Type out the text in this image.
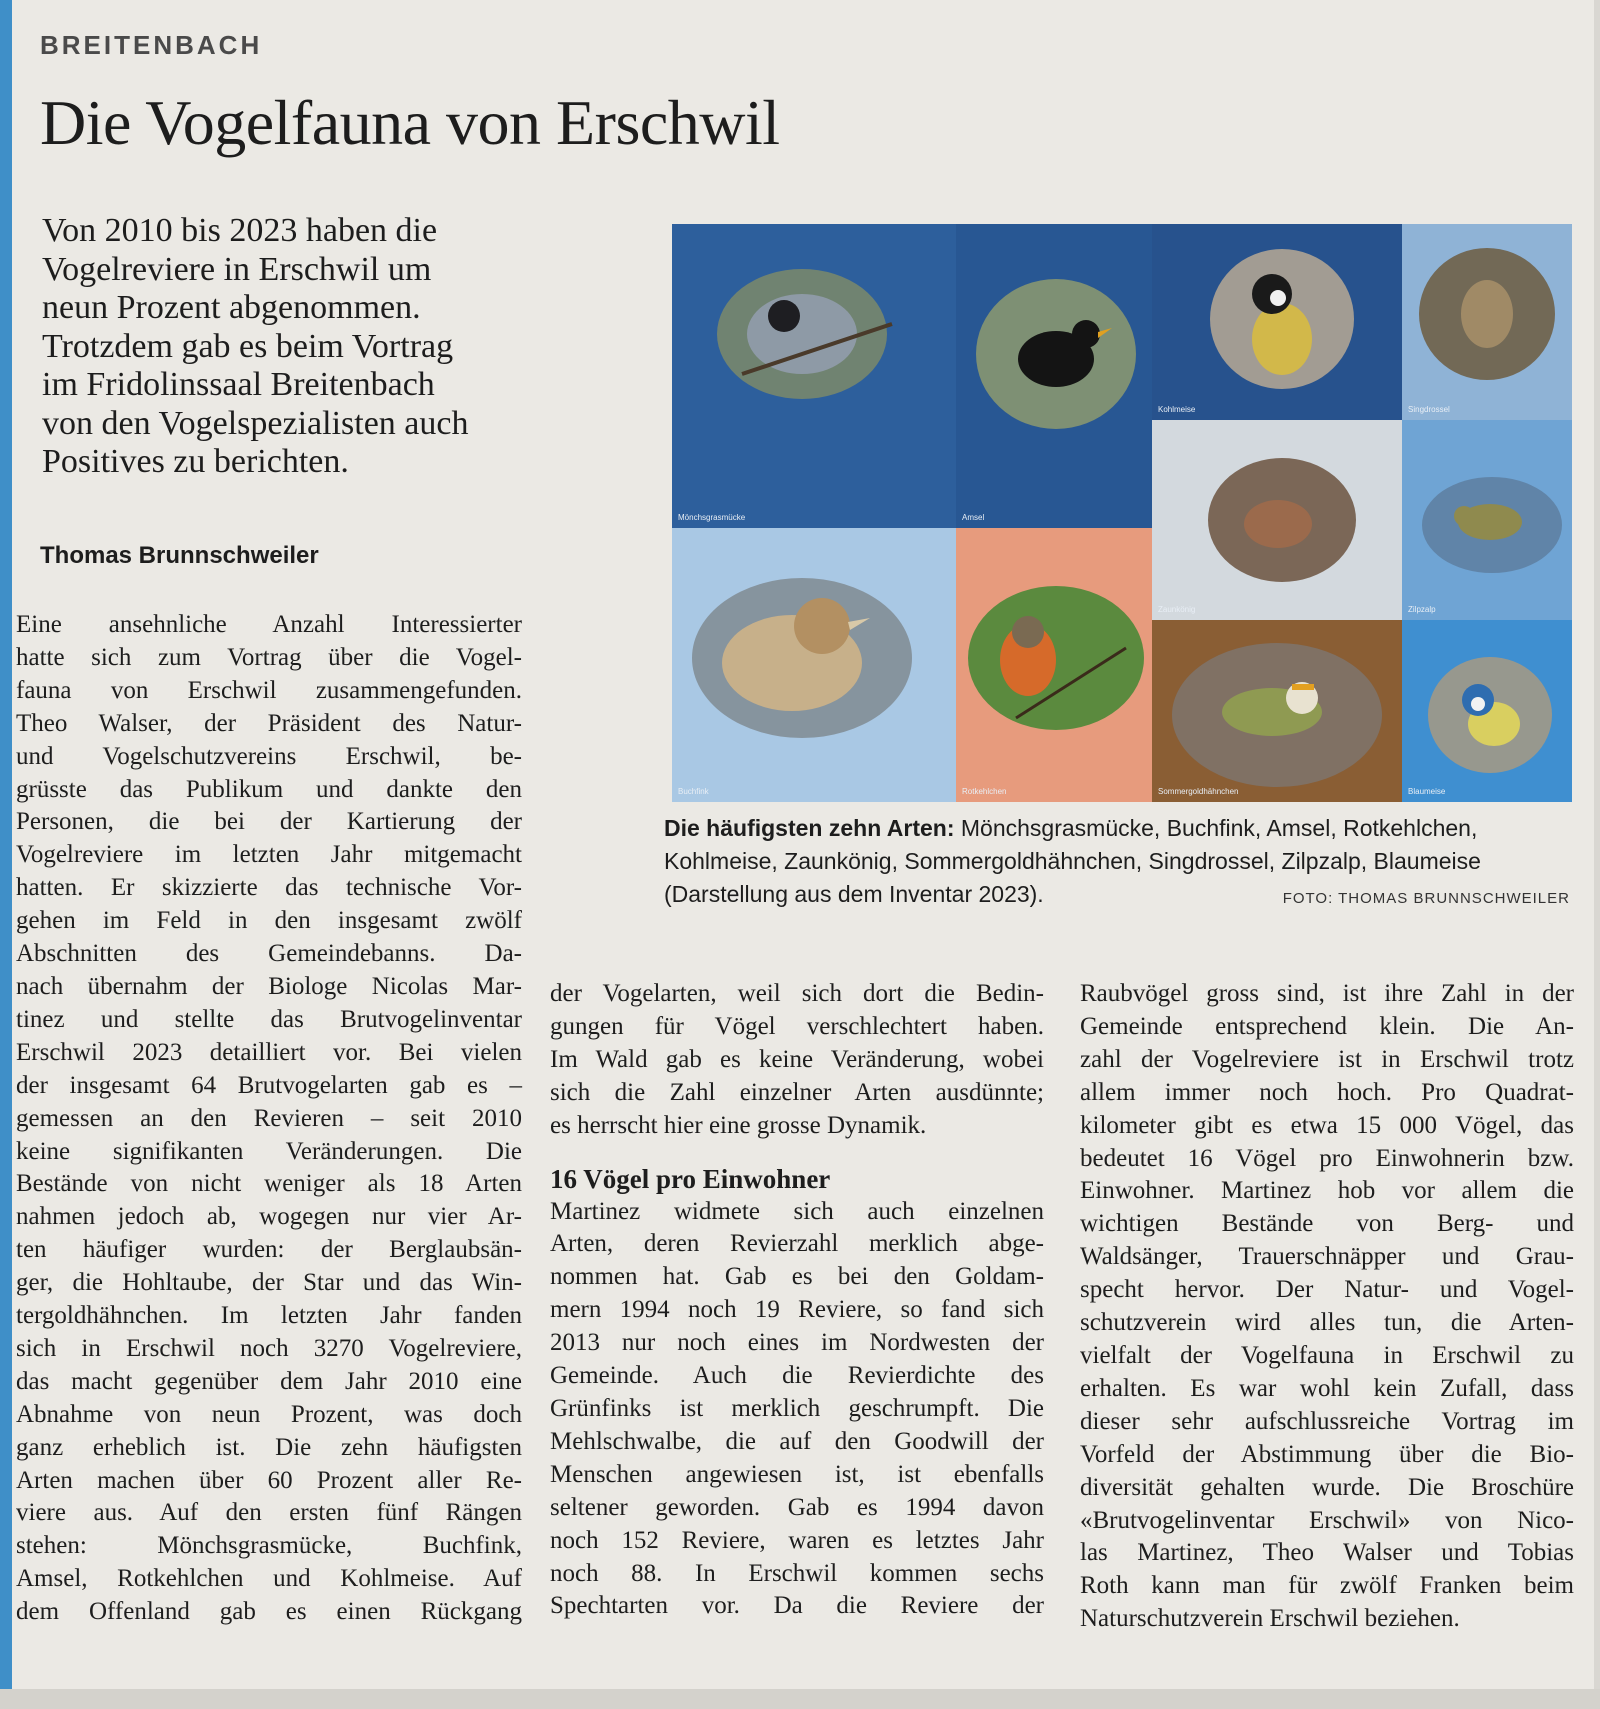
BREITENBACH
Die Vogelfauna von Erschwil
Von 2010 bis 2023 haben die
Vogelreviere in Erschwil um
neun Prozent abgenommen.
Trotzdem gab es beim Vortrag
im Fridolinssaal Breitenbach
von den Vogelspezialisten auch
Positives zu berichten.
Thomas Brunnschweiler
Mönchsgrasmücke	Amsel
Kohlmeise	Singdrossel
Zaunkönig	Zilpzalp
Buchfink	Rotkehlchen	Sommergoldhähnchen	Blaumeise
Die häufigsten zehn Arten: Mönchsgrasmücke, Buchfink, Amsel, Rotkehlchen,
Kohlmeise, Zaunkönig, Sommergoldhähnchen, Singdrossel, Zilpzalp, Blaumeise
(Darstellung aus dem Inventar 2023).	FOTO: THOMAS BRUNNSCHWEILER
Eine ansehnliche Anzahl Interessierter
hatte sich zum Vortrag über die Vogel-
fauna von Erschwil zusammengefunden.
Theo Walser, der Präsident des Natur-
und Vogelschutzvereins Erschwil, be-
grüsste das Publikum und dankte den
Personen, die bei der Kartierung der
Vogelreviere im letzten Jahr mitgemacht
hatten. Er skizzierte das technische Vor-
gehen im Feld in den insgesamt zwölf
Abschnitten des Gemeindebanns. Da-
nach übernahm der Biologe Nicolas Mar-
tinez und stellte das Brutvogelinventar
Erschwil 2023 detailliert vor. Bei vielen
der insgesamt 64 Brutvogelarten gab es –
gemessen an den Revieren – seit 2010
keine signifikanten Veränderungen. Die
Bestände von nicht weniger als 18 Arten
nahmen jedoch ab, wogegen nur vier Ar-
ten häufiger wurden: der Berglaubsän-
ger, die Hohltaube, der Star und das Win-
tergoldhähnchen. Im letzten Jahr fanden
sich in Erschwil noch 3270 Vogelreviere,
das macht gegenüber dem Jahr 2010 eine
Abnahme von neun Prozent, was doch
ganz erheblich ist. Die zehn häufigsten
Arten machen über 60 Prozent aller Re-
viere aus. Auf den ersten fünf Rängen
stehen: Mönchsgrasmücke, Buchfink,
Amsel, Rotkehlchen und Kohlmeise. Auf
dem Offenland gab es einen Rückgang
der Vogelarten, weil sich dort die Bedin-
gungen für Vögel verschlechtert haben.
Im Wald gab es keine Veränderung, wobei
sich die Zahl einzelner Arten ausdünnte;
es herrscht hier eine grosse Dynamik.
16 Vögel pro Einwohner
Martinez widmete sich auch einzelnen
Arten, deren Revierzahl merklich abge-
nommen hat. Gab es bei den Goldam-
mern 1994 noch 19 Reviere, so fand sich
2013 nur noch eines im Nordwesten der
Gemeinde. Auch die Revierdichte des
Grünfinks ist merklich geschrumpft. Die
Mehlschwalbe, die auf den Goodwill der
Menschen angewiesen ist, ist ebenfalls
seltener geworden. Gab es 1994 davon
noch 152 Reviere, waren es letztes Jahr
noch 88. In Erschwil kommen sechs
Spechtarten vor. Da die Reviere der
Raubvögel gross sind, ist ihre Zahl in der
Gemeinde entsprechend klein. Die An-
zahl der Vogelreviere ist in Erschwil trotz
allem immer noch hoch. Pro Quadrat-
kilometer gibt es etwa 15 000 Vögel, das
bedeutet 16 Vögel pro Einwohnerin bzw.
Einwohner. Martinez hob vor allem die
wichtigen Bestände von Berg- und
Waldsänger, Trauerschnäpper und Grau-
specht hervor. Der Natur- und Vogel-
schutzverein wird alles tun, die Arten-
vielfalt der Vogelfauna in Erschwil zu
erhalten. Es war wohl kein Zufall, dass
dieser sehr aufschlussreiche Vortrag im
Vorfeld der Abstimmung über die Bio-
diversität gehalten wurde. Die Broschüre
«Brutvogelinventar Erschwil» von Nico-
las Martinez, Theo Walser und Tobias
Roth kann man für zwölf Franken beim
Naturschutzverein Erschwil beziehen.
